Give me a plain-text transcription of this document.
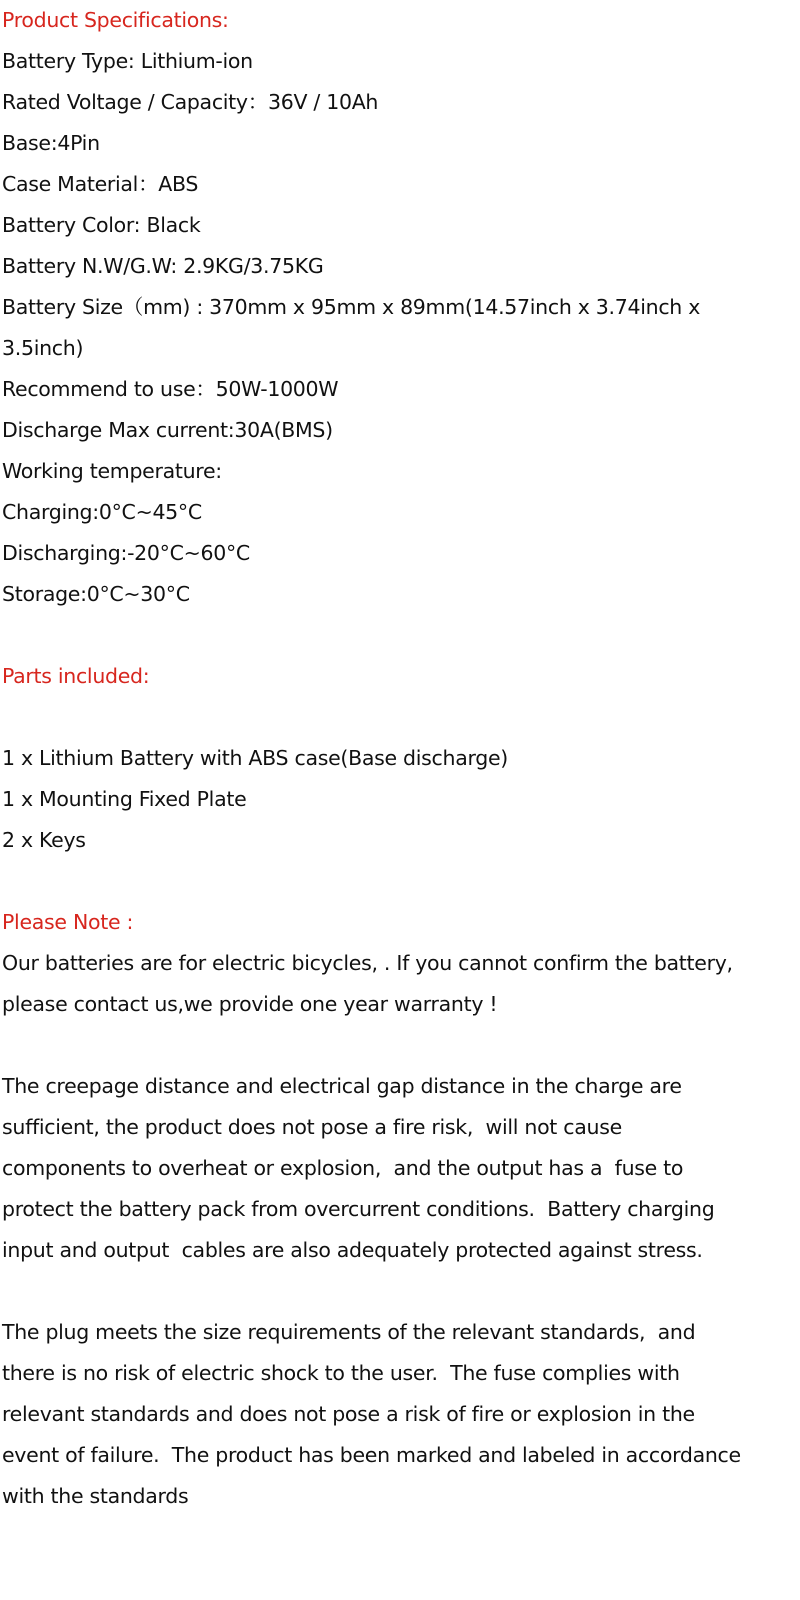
Product Specifications:
Battery Type: Lithium-ion
Rated Voltage / Capacity：36V / 10Ah
Base:4Pin
Case Material：ABS
Battery Color: Black
Battery N.W/G.W: 2.9KG/3.75KG
Battery Size（mm) : 370mm x 95mm x 89mm(14.57inch x 3.74inch x
3.5inch)
Recommend to use：50W-1000W
Discharge Max current:30A(BMS)
Working temperature:
Charging:0°C~45°C
Discharging:-20°C~60°C
Storage:0°C~30°C
Parts included:
1 x Lithium Battery with ABS case(Base discharge)
1 x Mounting Fixed Plate
2 x Keys
Please Note :
Our batteries are for electric bicycles, . If you cannot confirm the battery,
please contact us,we provide one year warranty !
The creepage distance and electrical gap distance in the charge are
sufficient, the product does not pose a fire risk,  will not cause
components to overheat or explosion,  and the output has a  fuse to
protect the battery pack from overcurrent conditions.  Battery charging
input and output  cables are also adequately protected against stress.
The plug meets the size requirements of the relevant standards,  and
there is no risk of electric shock to the user.  The fuse complies with
relevant standards and does not pose a risk of fire or explosion in the
event of failure.  The product has been marked and labeled in accordance
with the standards
